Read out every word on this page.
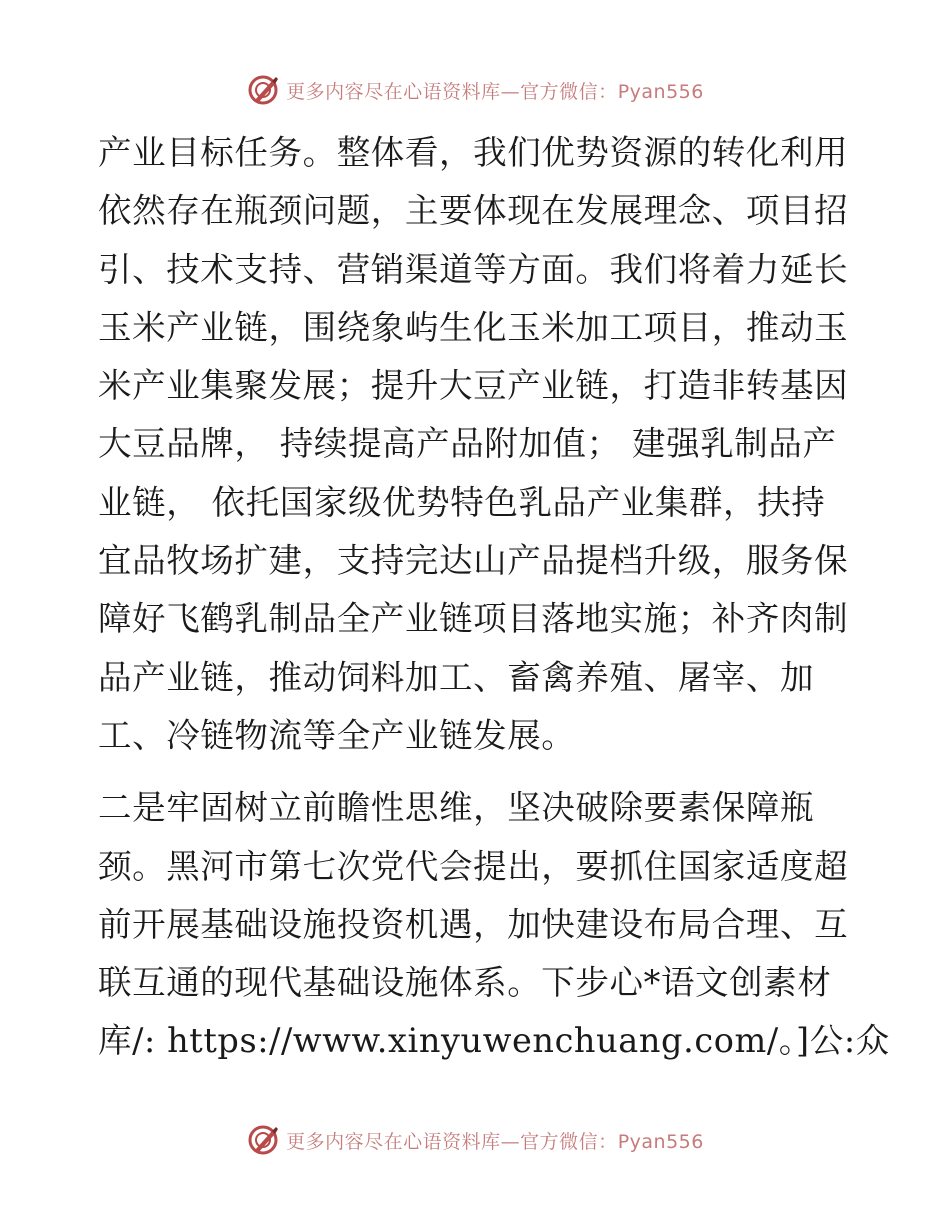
更多内容尽在心语资料库—官方微信：Pyan556

产业目标任务。整体看，我们优势资源的转化利用
依然存在瓶颈问题，主要体现在发展理念、项目招
引、技术支持、营销渠道等方面。我们将着力延长
玉米产业链，围绕象屿生化玉米加工项目，推动玉
米产业集聚发展；提升大豆产业链，打造非转基因
大豆品牌， 持续提高产品附加值； 建强乳制品产
业链， 依托国家级优势特色乳品产业集群，扶持
宜品牧场扩建，支持完达山产品提档升级，服务保
障好飞鹤乳制品全产业链项目落地实施；补齐肉制
品产业链，推动饲料加工、畜禽养殖、屠宰、加
工、冷链物流等全产业链发展。

二是牢固树立前瞻性思维，坚决破除要素保障瓶
颈。黑河市第七次党代会提出，要抓住国家适度超
前开展基础设施投资机遇，加快建设布局合理、互
联互通的现代基础设施体系。下步心*语文创素材
库/: https://www.xinyuwenchuang.com/。]公:众

更多内容尽在心语资料库—官方微信：Pyan556
